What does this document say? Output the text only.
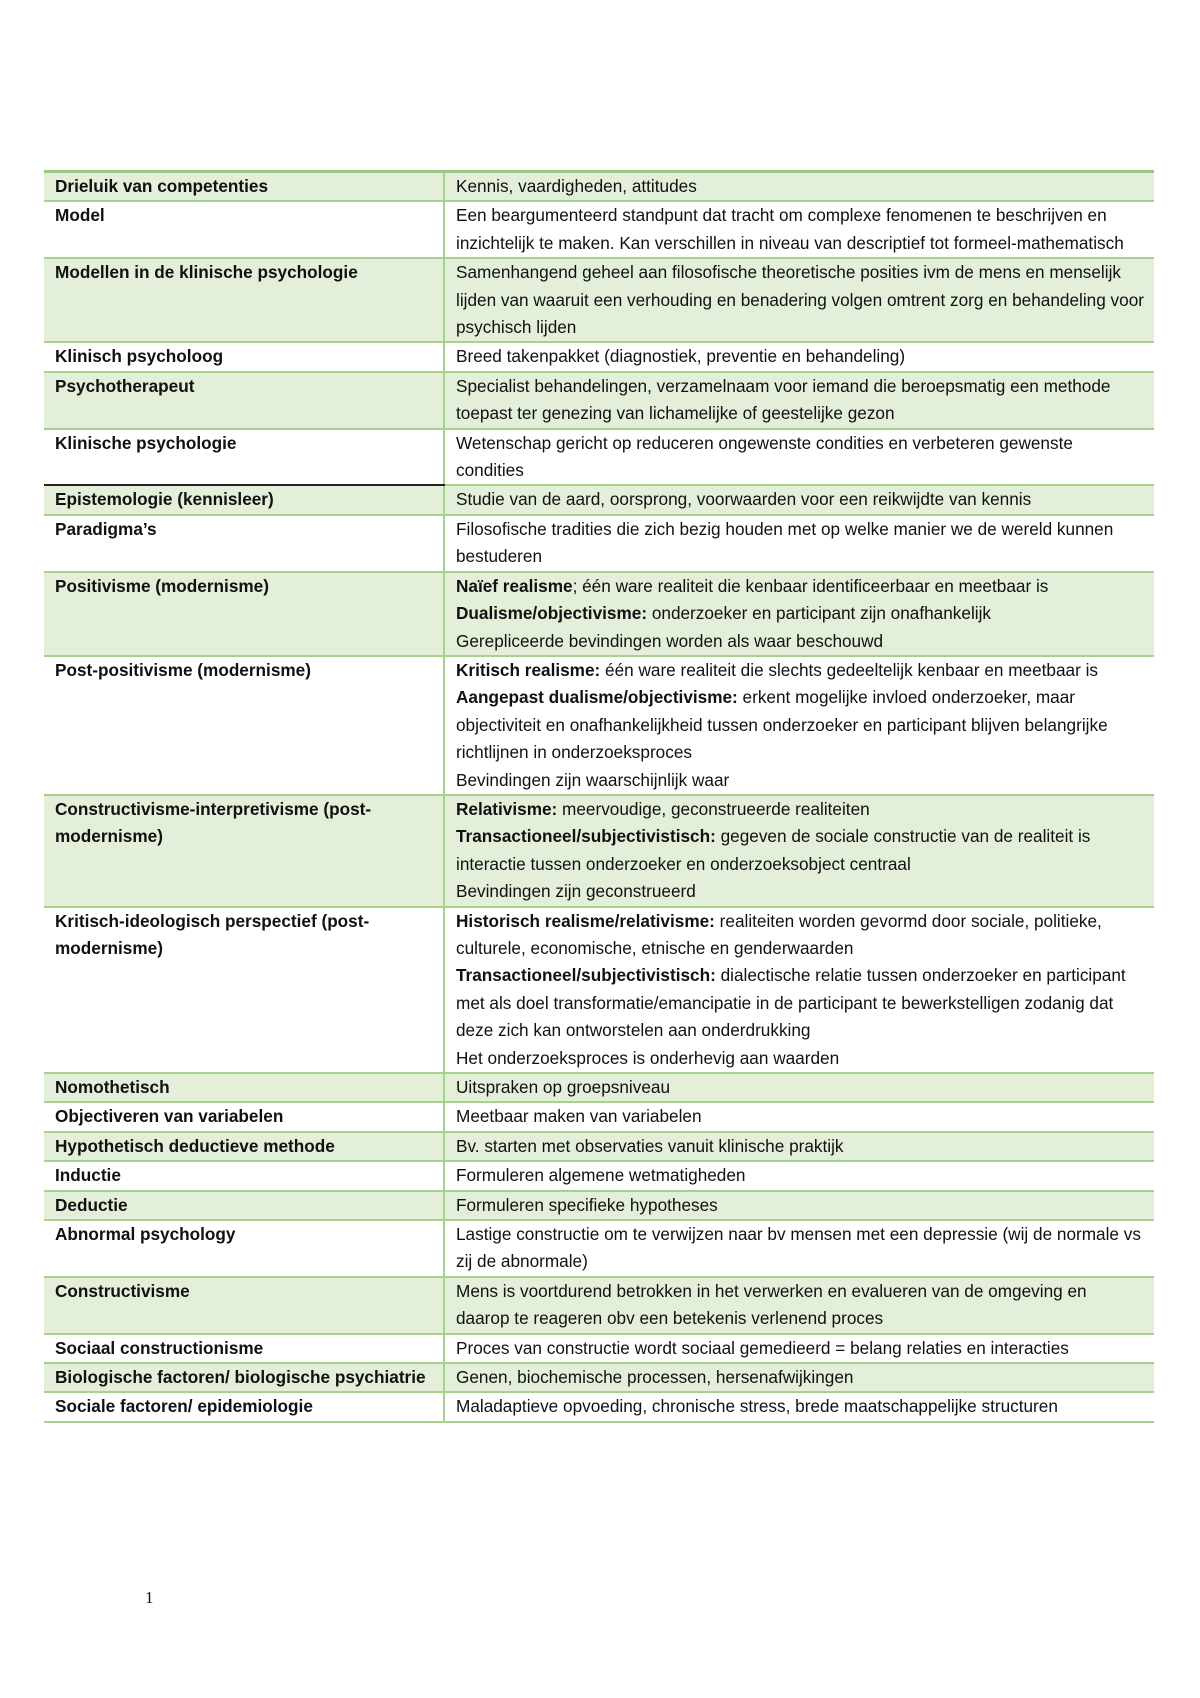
Drieluik van competenties	Kennis, vaardigheden, attitudes
Model	Een beargumenteerd standpunt dat tracht om complexe fenomenen te beschrijven en inzichtelijk te maken. Kan verschillen in niveau van descriptief tot formeel-mathematisch
Modellen in de klinische psychologie	Samenhangend geheel aan filosofische theoretische posities ivm de mens en menselijk lijden van waaruit een verhouding en benadering volgen omtrent zorg en behandeling voor psychisch lijden
Klinisch psycholoog	Breed takenpakket (diagnostiek, preventie en behandeling)
Psychotherapeut	Specialist behandelingen, verzamelnaam voor iemand die beroepsmatig een methode toepast ter genezing van lichamelijke of geestelijke gezon
Klinische psychologie	Wetenschap gericht op reduceren ongewenste condities en verbeteren gewenste condities
Epistemologie (kennisleer)	Studie van de aard, oorsprong, voorwaarden voor een reikwijdte van kennis
Paradigma’s	Filosofische tradities die zich bezig houden met op welke manier we de wereld kunnen bestuderen
Positivisme (modernisme)	Naïef realisme; één ware realiteit die kenbaar identificeerbaar en meetbaar is
Dualisme/objectivisme: onderzoeker en participant zijn onafhankelijk
Gerepliceerde bevindingen worden als waar beschouwd

Post-positivisme (modernisme)	Kritisch realisme: één ware realiteit die slechts gedeeltelijk kenbaar en meetbaar is
Aangepast dualisme/objectivisme: erkent mogelijke invloed onderzoeker, maar objectiviteit en onafhankelijkheid tussen onderzoeker en participant blijven belangrijke richtlijnen in onderzoeksproces
Bevindingen zijn waarschijnlijk waar

Constructivisme-interpretivisme (post-modernisme)	Relativisme: meervoudige, geconstrueerde realiteiten
Transactioneel/subjectivistisch: gegeven de sociale constructie van de realiteit is interactie tussen onderzoeker en onderzoeksobject centraal
Bevindingen zijn geconstrueerd

Kritisch-ideologisch perspectief (post-modernisme)	Historisch realisme/relativisme: realiteiten worden gevormd door sociale, politieke, culturele, economische, etnische en genderwaarden
Transactioneel/subjectivistisch: dialectische relatie tussen onderzoeker en participant met als doel transformatie/emancipatie in de participant te bewerkstelligen zodanig dat deze zich kan ontworstelen aan onderdrukking
Het onderzoeksproces is onderhevig aan waarden

Nomothetisch	Uitspraken op groepsniveau
Objectiveren van variabelen	Meetbaar maken van variabelen
Hypothetisch deductieve methode	Bv. starten met observaties vanuit klinische praktijk
Inductie	Formuleren algemene wetmatigheden
Deductie	Formuleren specifieke hypotheses
Abnormal psychology	Lastige constructie om te verwijzen naar bv mensen met een depressie (wij de normale vs zij de abnormale)
Constructivisme	Mens is voortdurend betrokken in het verwerken en evalueren van de omgeving en daarop te reageren obv een betekenis verlenend proces
Sociaal constructionisme	Proces van constructie wordt sociaal gemedieerd = belang relaties en interacties
Biologische factoren/ biologische psychiatrie	Genen, biochemische processen, hersenafwijkingen
Sociale factoren/ epidemiologie	Maladaptieve opvoeding, chronische stress, brede maatschappelijke structuren
1
